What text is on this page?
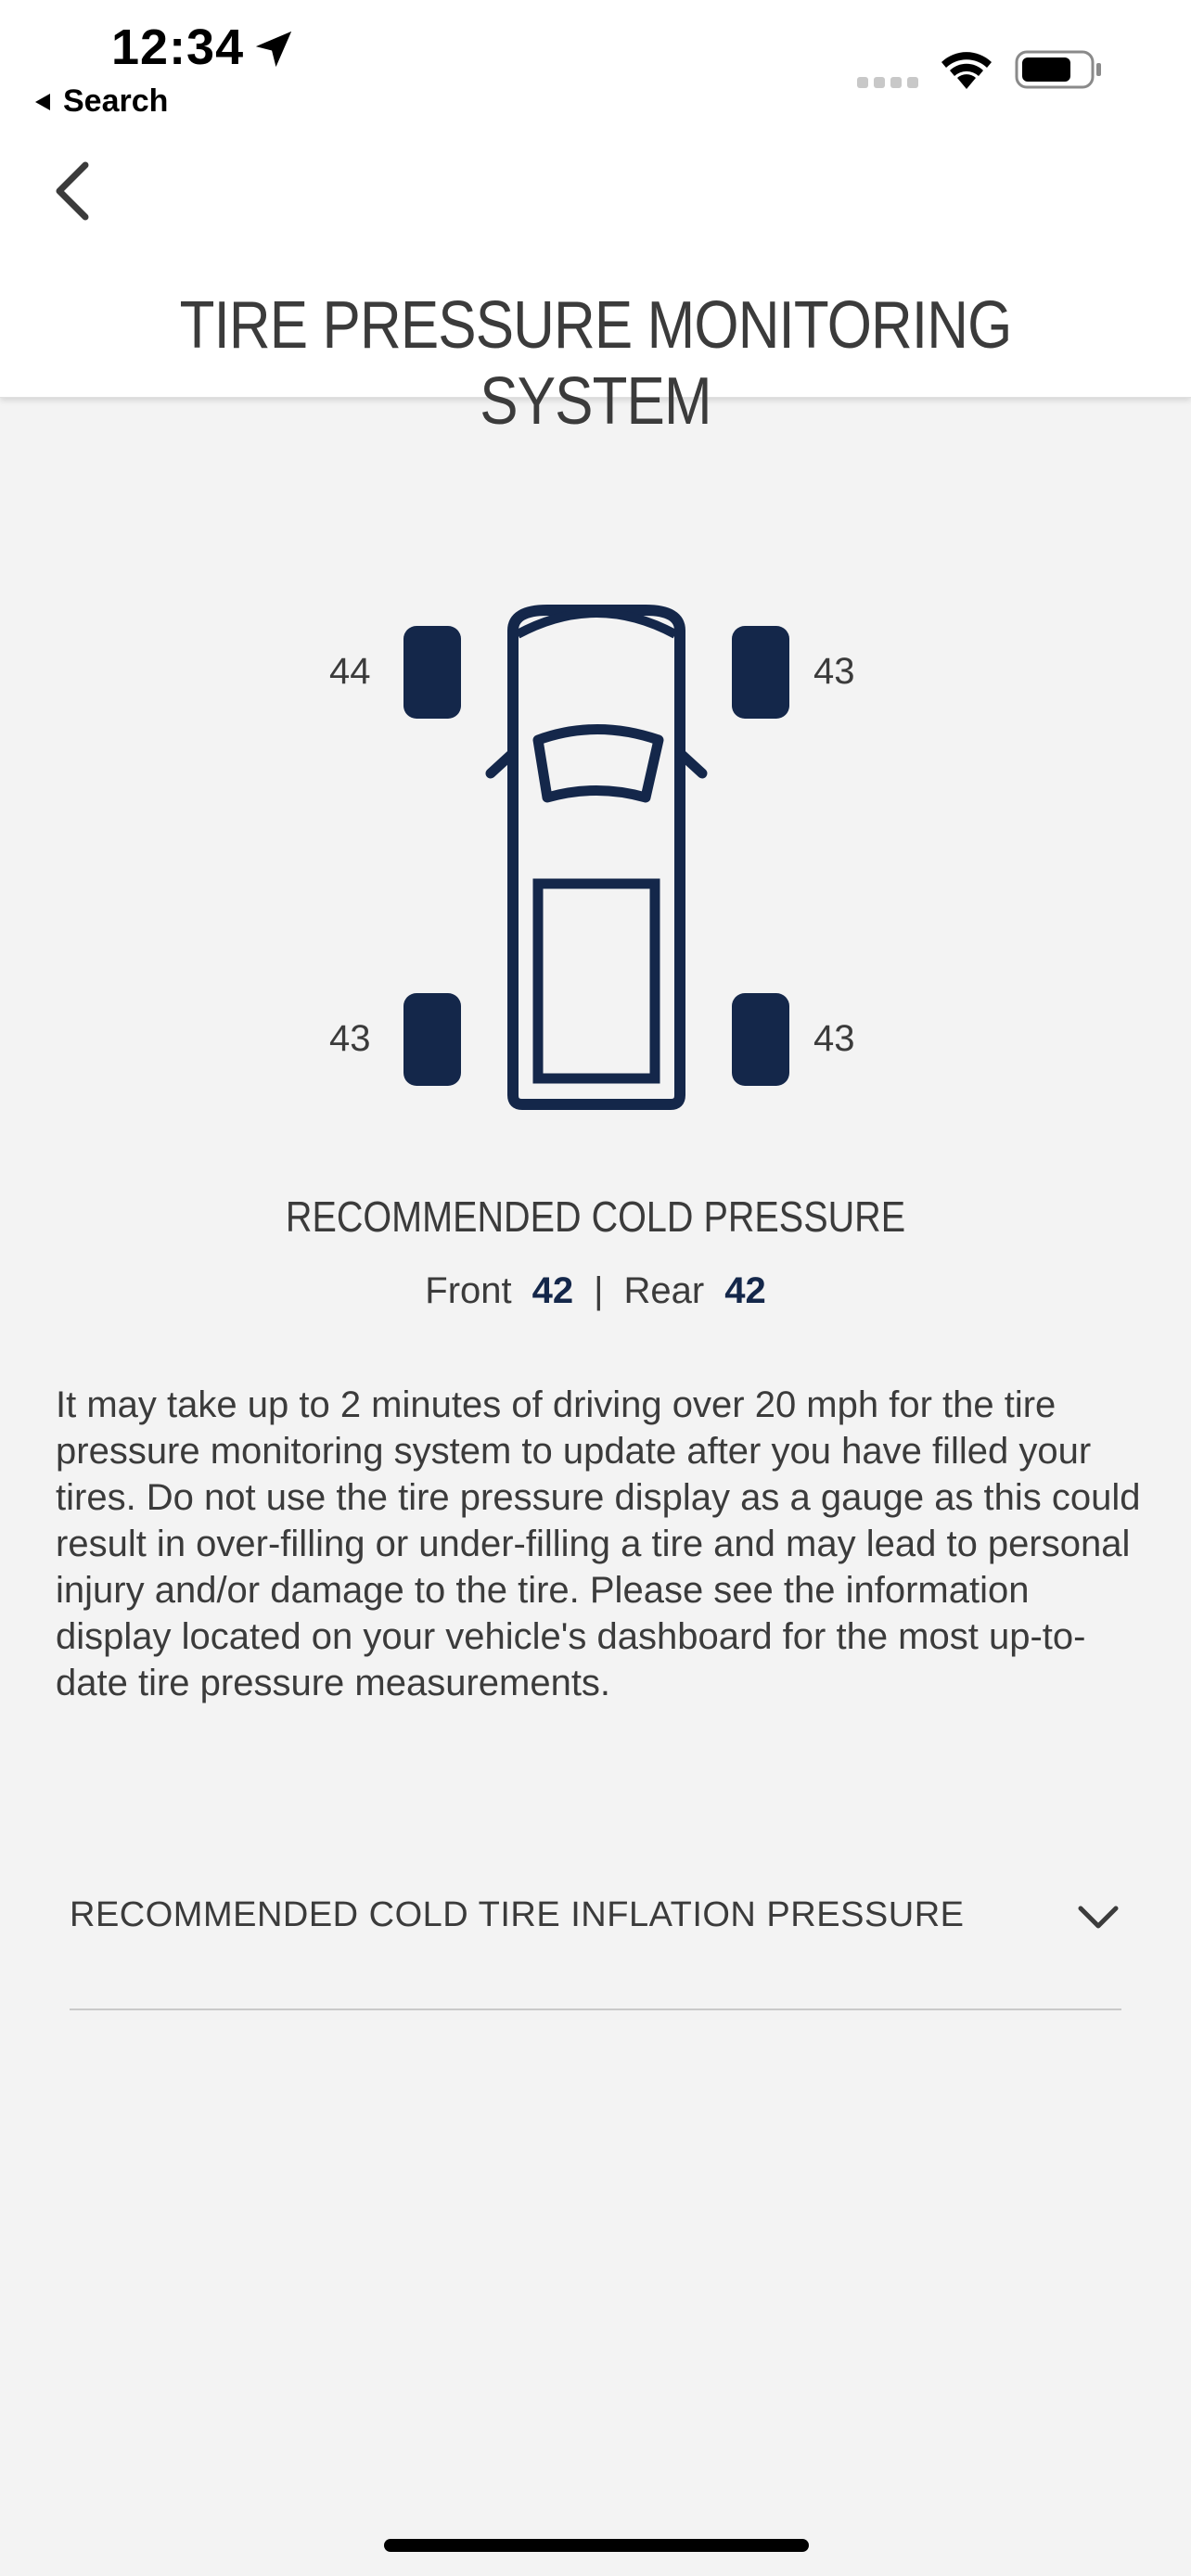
12:34
Search
TIRE PRESSURE MONITORING SYSTEM
44	43
43	43
RECOMMENDED COLD PRESSURE
Front 42 | Rear 42
It may take up to 2 minutes of driving over 20 mph for the tire pressure monitoring system to update after you have filled your tires. Do not use the tire pressure display as a gauge as this could result in over-filling or under-filling a tire and may lead to personal injury and/or damage to the tire. Please see the information display located on your vehicle's dashboard for the most up-to-date tire pressure measurements.
RECOMMENDED COLD TIRE INFLATION PRESSURE
